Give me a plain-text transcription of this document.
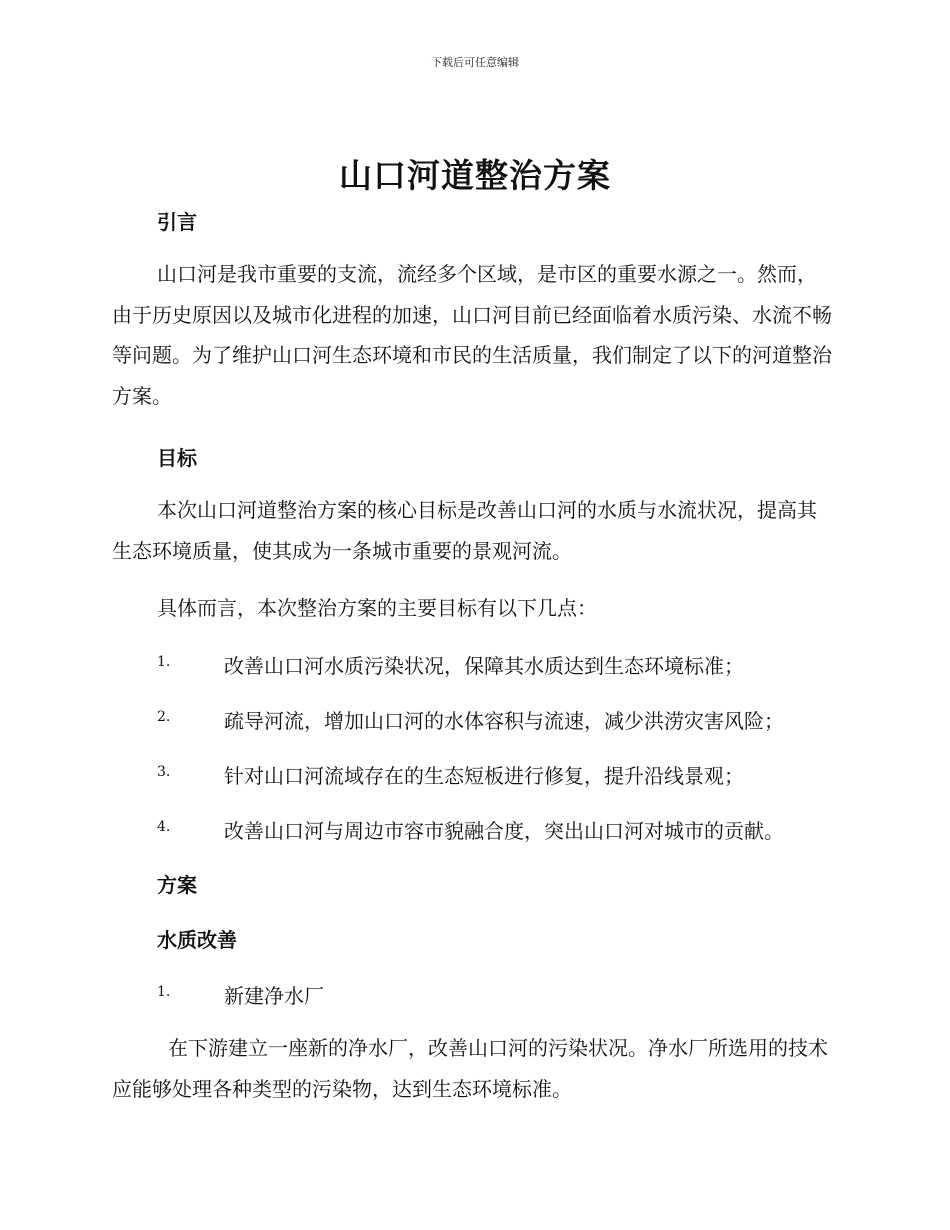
下载后可任意编辑
山口河道整治方案
引言
山口河是我市重要的支流，流经多个区域，是市区的重要水源之一。然而，由于历史原因以及城市化进程的加速，山口河目前已经面临着水质污染、水流不畅等问题。为了维护山口河生态环境和市民的生活质量，我们制定了以下的河道整治方案。
目标
本次山口河道整治方案的核心目标是改善山口河的水质与水流状况，提高其生态环境质量，使其成为一条城市重要的景观河流。
具体而言，本次整治方案的主要目标有以下几点：
1.	改善山口河水质污染状况，保障其水质达到生态环境标准；
2.	疏导河流，增加山口河的水体容积与流速，减少洪涝灾害风险；
3.	针对山口河流域存在的生态短板进行修复，提升沿线景观；
4.	改善山口河与周边市容市貌融合度，突出山口河对城市的贡献。
方案
水质改善
1.	新建净水厂
在下游建立一座新的净水厂，改善山口河的污染状况。净水厂所选用的技术应能够处理各种类型的污染物，达到生态环境标准。
